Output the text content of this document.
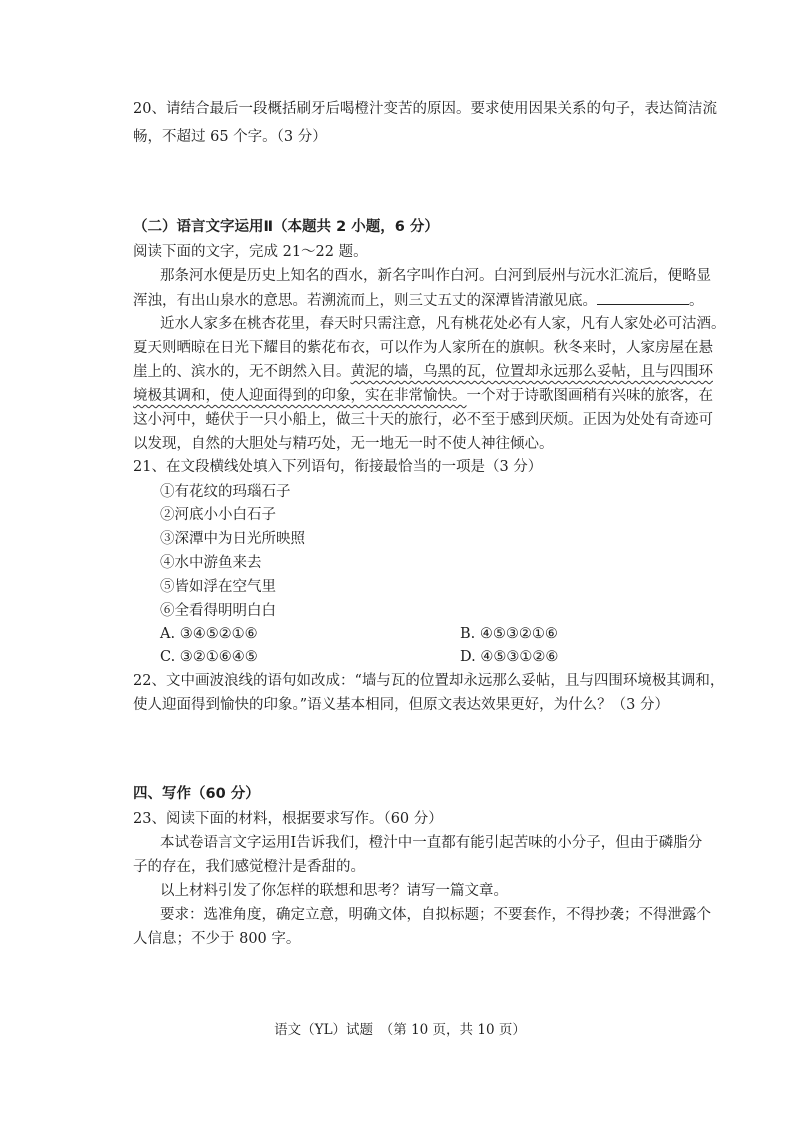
20、请结合最后一段概括刷牙后喝橙汁变苦的原因。要求使用因果关系的句子，表达简洁流
畅，不超过 65 个字。（3 分）
（二）语言文字运用Ⅱ（本题共 2 小题，6 分）
阅读下面的文字，完成 21～22 题。
那条河水便是历史上知名的酉水，新名字叫作白河。白河到辰州与沅水汇流后，便略显
浑浊，有出山泉水的意思。若溯流而上，则三丈五丈的深潭皆清澈见底。	。
近水人家多在桃杏花里，春天时只需注意，凡有桃花处必有人家，凡有人家处必可沽酒。
夏天则晒晾在日光下耀目的紫花布衣，可以作为人家所在的旗帜。秋冬来时，人家房屋在悬
崖上的、滨水的，无不朗然入目。黄泥的墙，乌黑的瓦，位置却永远那么妥帖，且与四围环
境极其调和，使人迎面得到的印象，实在非常愉快。一个对于诗歌图画稍有兴味的旅客，在
这小河中，蜷伏于一只小船上，做三十天的旅行，必不至于感到厌烦。正因为处处有奇迹可
以发现，自然的大胆处与精巧处，无一地无一时不使人神往倾心。
21、在文段横线处填入下列语句，衔接最恰当的一项是（3 分）
①有花纹的玛瑙石子
②河底小小白石子
③深潭中为日光所映照
④水中游鱼来去
⑤皆如浮在空气里
⑥全看得明明白白
A. ③④⑤②①⑥	B. ④⑤③②①⑥
C. ③②①⑥④⑤	D. ④⑤③①②⑥
22、文中画波浪线的语句如改成：“墙与瓦的位置却永远那么妥帖，且与四围环境极其调和，
使人迎面得到愉快的印象。”语义基本相同，但原文表达效果更好，为什么？（3 分）
四、写作（60 分）
23、阅读下面的材料，根据要求写作。（60 分）
本试卷语言文字运用Ⅰ告诉我们，橙汁中一直都有能引起苦味的小分子，但由于磷脂分
子的存在，我们感觉橙汁是香甜的。
以上材料引发了你怎样的联想和思考？请写一篇文章。
要求：选准角度，确定立意，明确文体，自拟标题；不要套作，不得抄袭；不得泄露个
人信息；不少于 800 字。
语文（YL）试题　（第 10 页，共 10 页）
